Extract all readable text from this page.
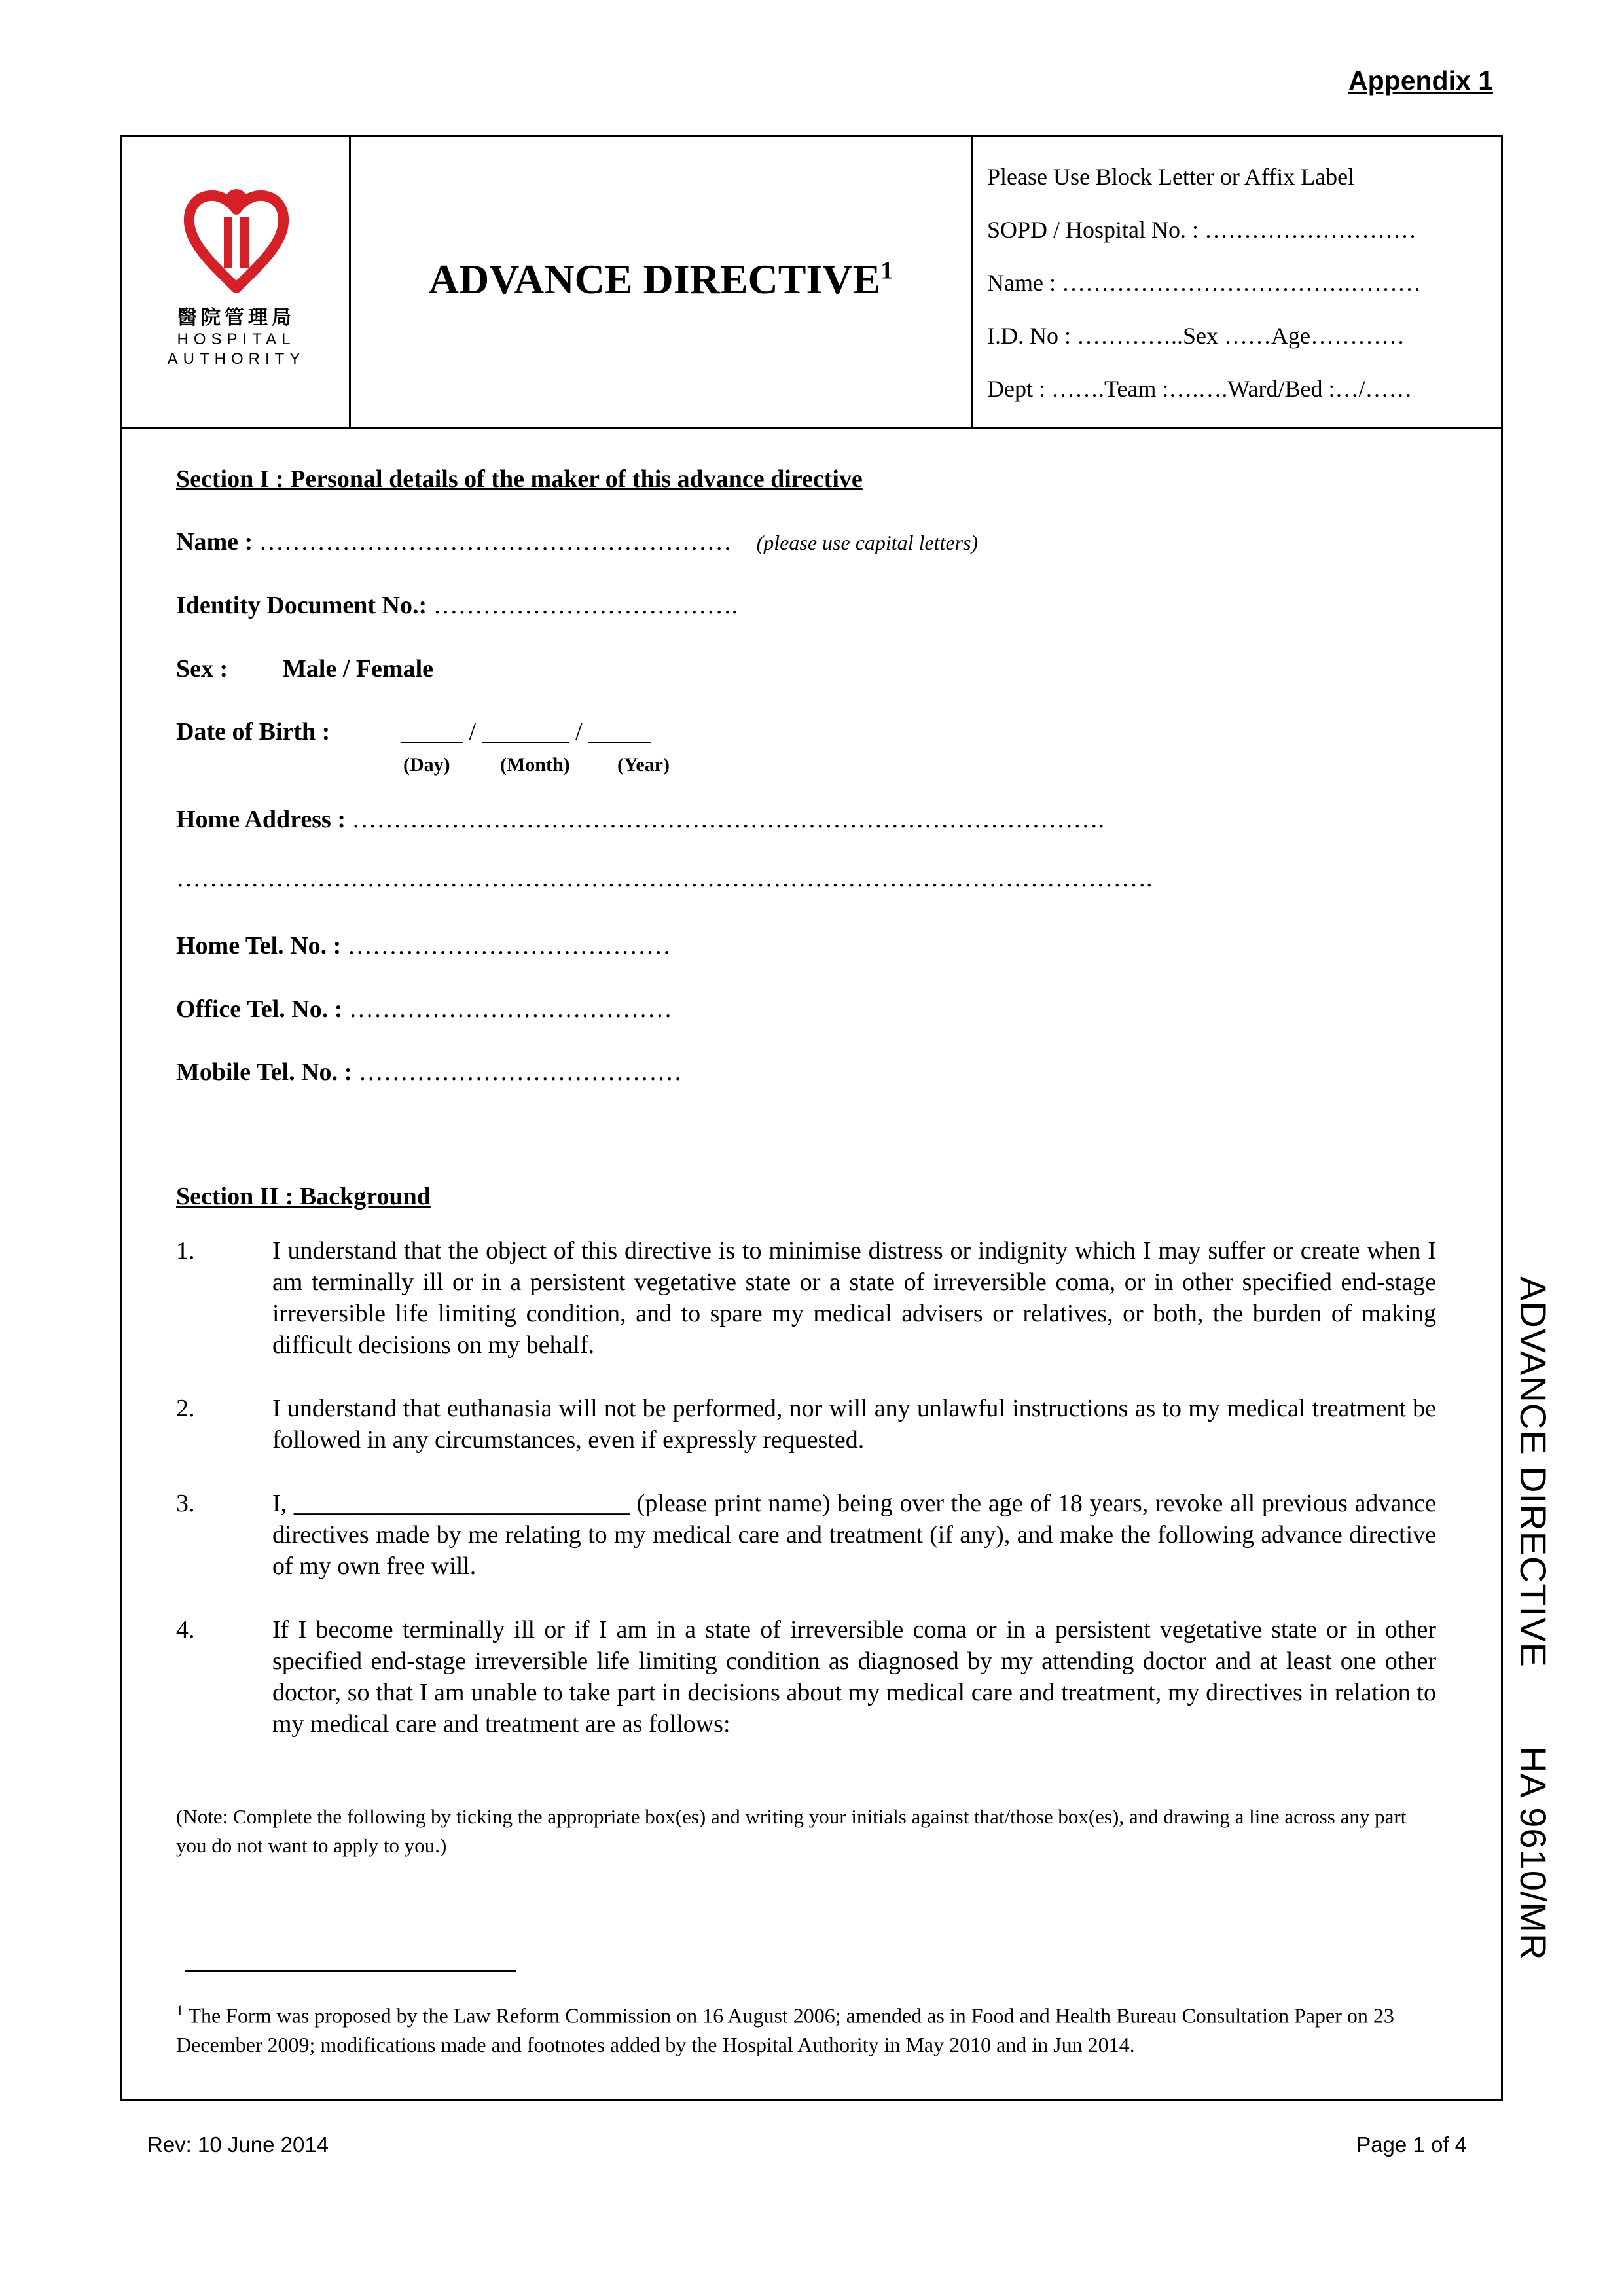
Appendix 1
醫院管理局
HOSPITAL
AUTHORITY
ADVANCE DIRECTIVE$^1$
Please Use Block Letter or Affix Label
SOPD / Hospital No. : ………………………
Name : ……………………………….………
I.D. No : …………..Sex ……Age…………
Dept : …….Team :….….Ward/Bed :…/……
Section I : Personal details of the maker of this advance directive
Name : ………………………………………………… (please use capital letters)
Identity Document No.: ……………………………….
Sex : Male / Female
Date of Birth :	_____ / _______ / _____
(Day)	(Month) (Year)
Home Address : ……………………………………………………………………………….
……………………………………………………………………………………………………….
Home Tel. No. : …………………………………
Office Tel. No. : …………………………………
Mobile Tel. No. : …………………………………
Section II : Background
1.	I understand that the object of this directive is to minimise distress or indignity which I may suffer or create when I am terminally ill or in a persistent vegetative state or a state of irreversible coma, or in other specified end-stage irreversible life limiting condition, and to spare my medical advisers or relatives, or both, the burden of making difficult decisions on my behalf.
2.	I understand that euthanasia will not be performed, nor will any unlawful instructions as to my medical treatment be followed in any circumstances, even if expressly requested.
3.	I, ___________________________ (please print name) being over the age of 18 years, revoke all previous advance directives made by me relating to my medical care and treatment (if any), and make the following advance directive of my own free will.
4.	If I become terminally ill or if I am in a state of irreversible coma or in a persistent vegetative state or in other specified end-stage irreversible life limiting condition as diagnosed by my attending doctor and at least one other doctor, so that I am unable to take part in decisions about my medical care and treatment, my directives in relation to my medical care and treatment are as follows:
(Note: Complete the following by ticking the appropriate box(es) and writing your initials against that/those box(es), and drawing a line across any part you do not want to apply to you.)
$^1$ The Form was proposed by the Law Reform Commission on 16 August 2006; amended as in Food and Health Bureau Consultation Paper on 23 December 2009; modifications made and footnotes added by the Hospital Authority in May 2010 and in Jun 2014.
Rev: 10 June 2014	Page 1 of 4
ADVANCE DIRECTIVEHA 9610/MR
